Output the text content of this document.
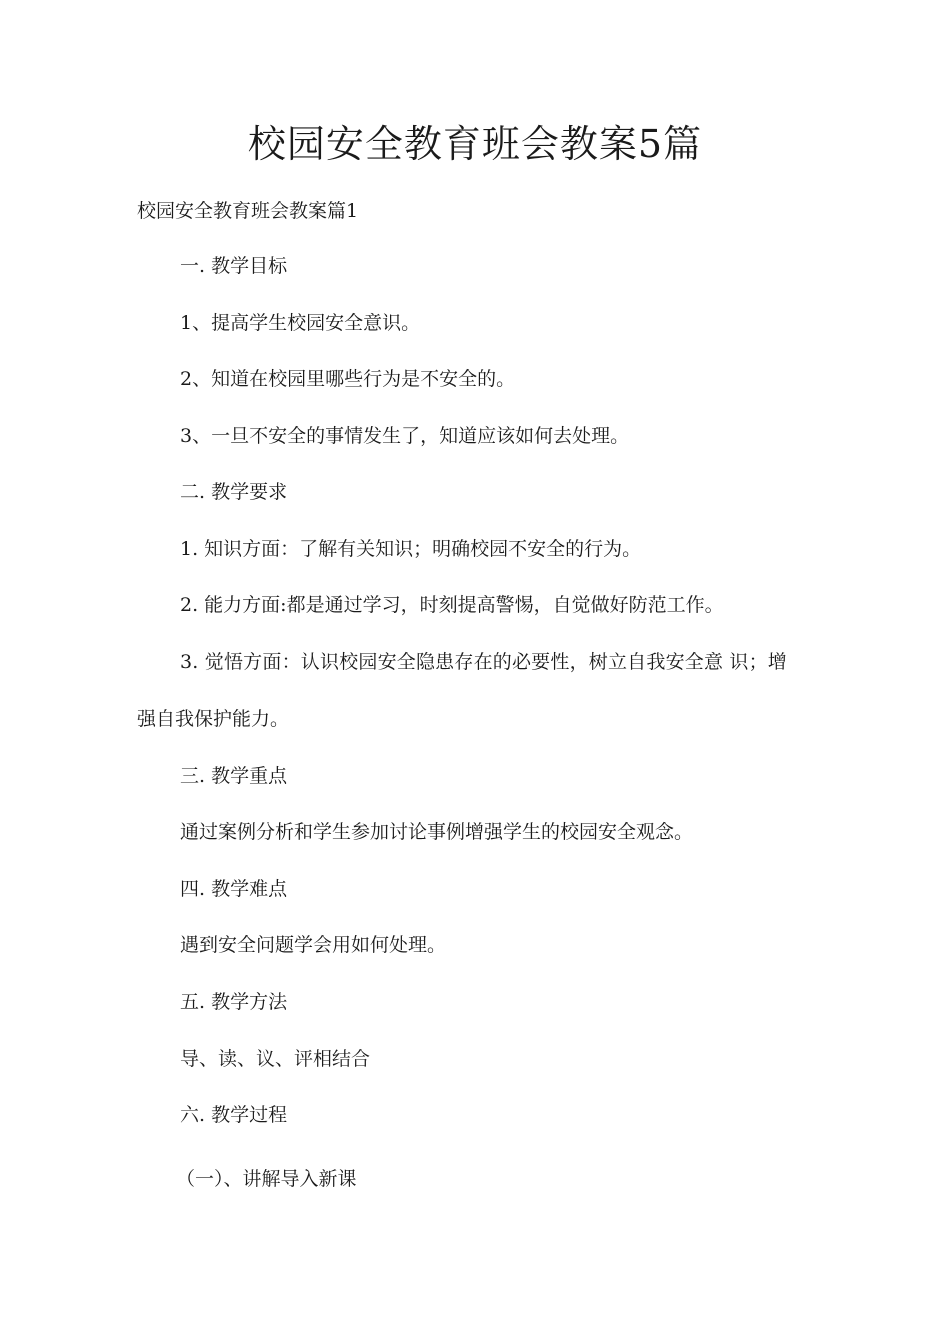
校园安全教育班会教案5篇
校园安全教育班会教案篇1
一. 教学目标
1、提高学生校园安全意识。
2、知道在校园里哪些行为是不安全的。
3、一旦不安全的事情发生了，知道应该如何去处理。
二. 教学要求
1. 知识方面：了解有关知识；明确校园不安全的行为。
2. 能力方面:都是通过学习，时刻提高警惕，自觉做好防范工作。
3. 觉悟方面：认识校园安全隐患存在的必要性，树立自我安全意 识；增
强自我保护能力。
三. 教学重点
通过案例分析和学生参加讨论事例增强学生的校园安全观念。
四. 教学难点
遇到安全问题学会用如何处理。
五. 教学方法
导、读、议、评相结合
六. 教学过程
（一）、讲解导入新课
